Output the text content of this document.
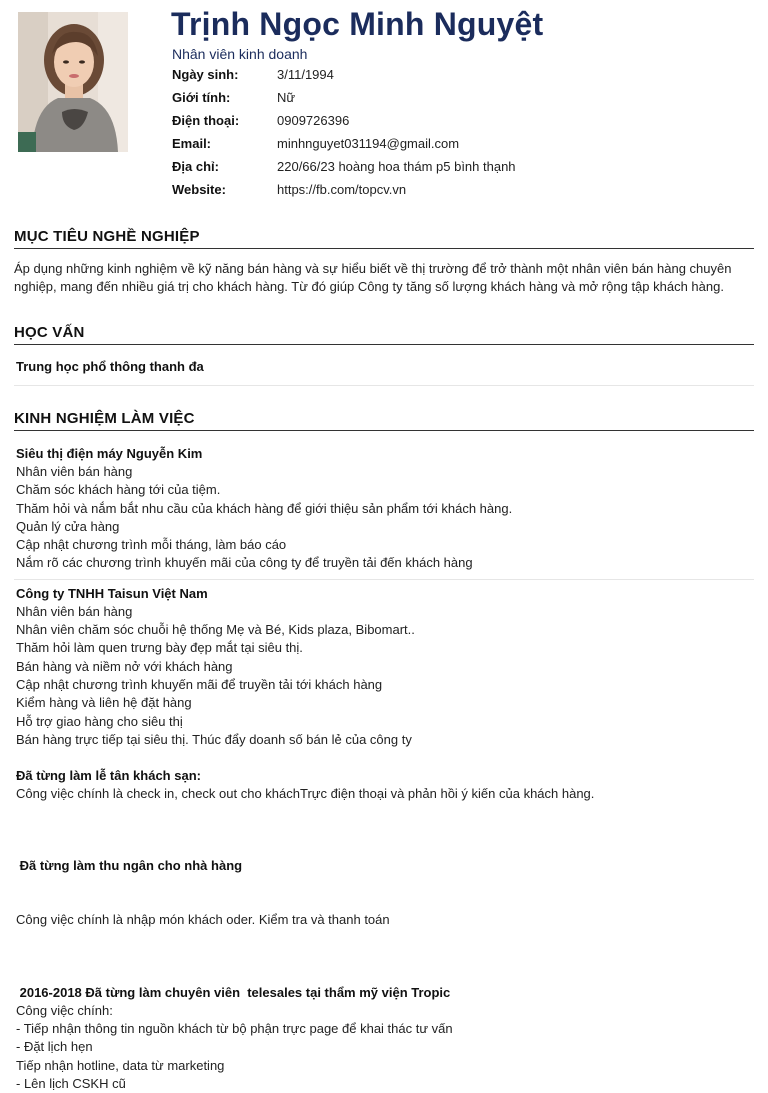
Trịnh Ngọc Minh Nguyệt
Nhân viên kinh doanh
Ngày sinh:	3/11/1994
Giới tính:	Nữ
Điện thoại:	0909726396
Email:	minhnguyet031194@gmail.com
Địa chỉ:	220/66/23 hoàng hoa thám p5 bình thạnh
Website:	https://fb.com/topcv.vn
MỤC TIÊU NGHỀ NGHIỆP
Áp dụng những kinh nghiệm về kỹ năng bán hàng và sự hiểu biết về thị trường để trở thành một nhân viên bán hàng chuyên nghiệp, mang đến nhiều giá trị cho khách hàng. Từ đó giúp Công ty tăng số lượng khách hàng và mở rộng tập khách hàng.
HỌC VẤN
Trung học phổ thông thanh đa
KINH NGHIỆM LÀM VIỆC
Siêu thị điện máy Nguyễn Kim
Nhân viên bán hàng
Chăm sóc khách hàng tới của tiệm.
Thăm hỏi và nắm bắt nhu cầu của khách hàng để giới thiệu sản phẩm tới khách hàng.
Quản lý cửa hàng
Cập nhật chương trình mỗi tháng, làm báo cáo
Nắm rõ các chương trình khuyến mãi của công ty để truyền tải đến khách hàng
Công ty TNHH Taisun Việt Nam
Nhân viên bán hàng
Nhân viên chăm sóc chuỗi hệ thống Mẹ và Bé, Kids plaza, Bibomart..
Thăm hỏi làm quen trưng bày đẹp mắt tại siêu thị.
Bán hàng và niềm nở với khách hàng
Cập nhật chương trình khuyến mãi để truyền tải tới khách hàng
Kiểm hàng và liên hệ đặt hàng
Hỗ trợ giao hàng cho siêu thị
Bán hàng trực tiếp tại siêu thị. Thúc đẩy doanh số bán lẻ của công ty
Đã từng làm lễ tân khách sạn:
Công việc chính là check in, check out cho kháchTrực điện thoại và phản hồi ý kiến của khách hàng.

Đã từng làm thu ngân cho nhà hàng

Công việc chính là nhập món khách oder. Kiểm tra và thanh toán

2016-2018 Đã từng làm chuyên viên  telesales tại thẩm mỹ viện Tropic
Công việc chính:
- Tiếp nhận thông tin nguồn khách từ bộ phận trực page để khai thác tư vấn
- Đặt lịch hẹn
Tiếp nhận hotline, data từ marketing
- Lên lịch CSKH cũ
